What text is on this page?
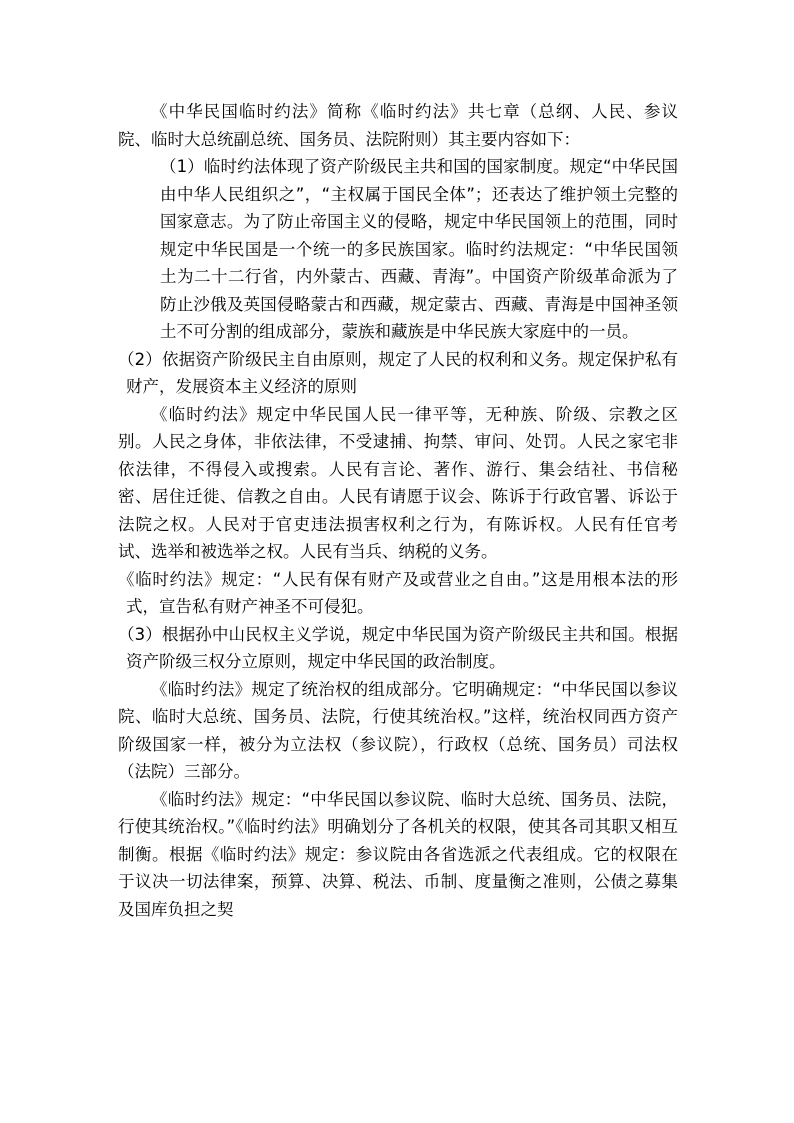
《中华民国临时约法》简称《临时约法》共七章（总纲、人民、参议院、临时大总统副总统、国务员、法院附则）其主要内容如下：

（1）临时约法体现了资产阶级民主共和国的国家制度。规定“中华民国由中华人民组织之”，“主权属于国民全体”；还表达了维护领土完整的国家意志。为了防止帝国主义的侵略，规定中华民国领上的范围，同时规定中华民国是一个统一的多民族国家。临时约法规定：“中华民国领土为二十二行省，内外蒙古、西藏、青海”。中国资产阶级革命派为了防止沙俄及英国侵略蒙古和西藏，规定蒙古、西藏、青海是中国神圣领土不可分割的组成部分，蒙族和藏族是中华民族大家庭中的一员。

（2）依据资产阶级民主自由原则，规定了人民的权利和义务。规定保护私有财产，发展资本主义经济的原则

《临时约法》规定中华民国人民一律平等，无种族、阶级、宗教之区别。人民之身体，非依法律，不受逮捕、拘禁、审问、处罚。人民之家宅非依法律，不得侵入或搜索。人民有言论、著作、游行、集会结社、书信秘密、居住迁徙、信教之自由。人民有请愿于议会、陈诉于行政官署、诉讼于法院之权。人民对于官吏违法损害权利之行为，有陈诉权。人民有任官考试、选举和被选举之权。人民有当兵、纳税的义务。

《临时约法》规定：“人民有保有财产及或营业之自由。”这是用根本法的形式，宣告私有财产神圣不可侵犯。

（3）根据孙中山民权主义学说，规定中华民国为资产阶级民主共和国。根据资产阶级三权分立原则，规定中华民国的政治制度。

《临时约法》规定了统治权的组成部分。它明确规定：“中华民国以参议院、临时大总统、国务员、法院，行使其统治权。”这样，统治权同西方资产阶级国家一样，被分为立法权（参议院），行政权（总统、国务员）司法权（法院）三部分。

《临时约法》规定：“中华民国以参议院、临时大总统、国务员、法院，行使其统治权。”《临时约法》明确划分了各机关的权限，使其各司其职又相互制衡。根据《临时约法》规定：参议院由各省选派之代表组成。它的权限在于议决一切法律案，预算、决算、税法、币制、度量衡之准则，公债之募集及国库负担之契
